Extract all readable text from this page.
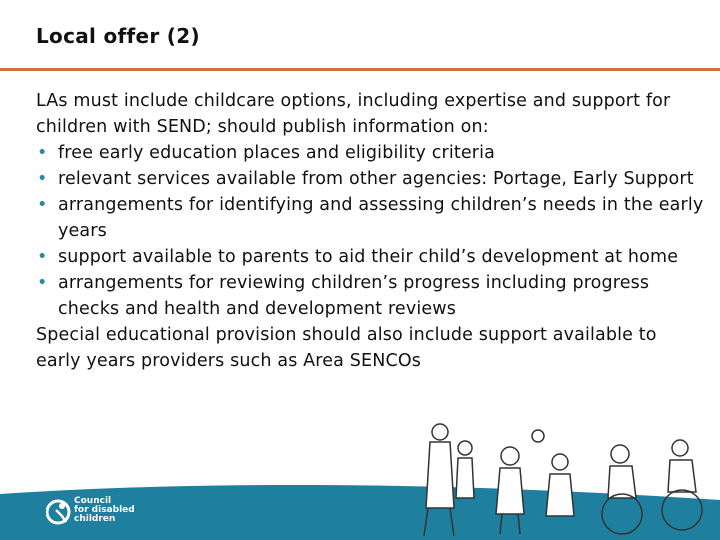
Local offer (2)

LAs must include childcare options, including expertise and support for children with SEND; should publish information on:

• free early education places and eligibility criteria
• relevant services available from other agencies: Portage, Early Support
• arrangements for identifying and assessing children’s needs in the early years
• support available to parents to aid their child’s development at home
• arrangements for reviewing children’s progress including progress checks and health and development reviews

Special educational provision should also include support available to early years providers such as Area SENCOs

Council
for disabled
children
